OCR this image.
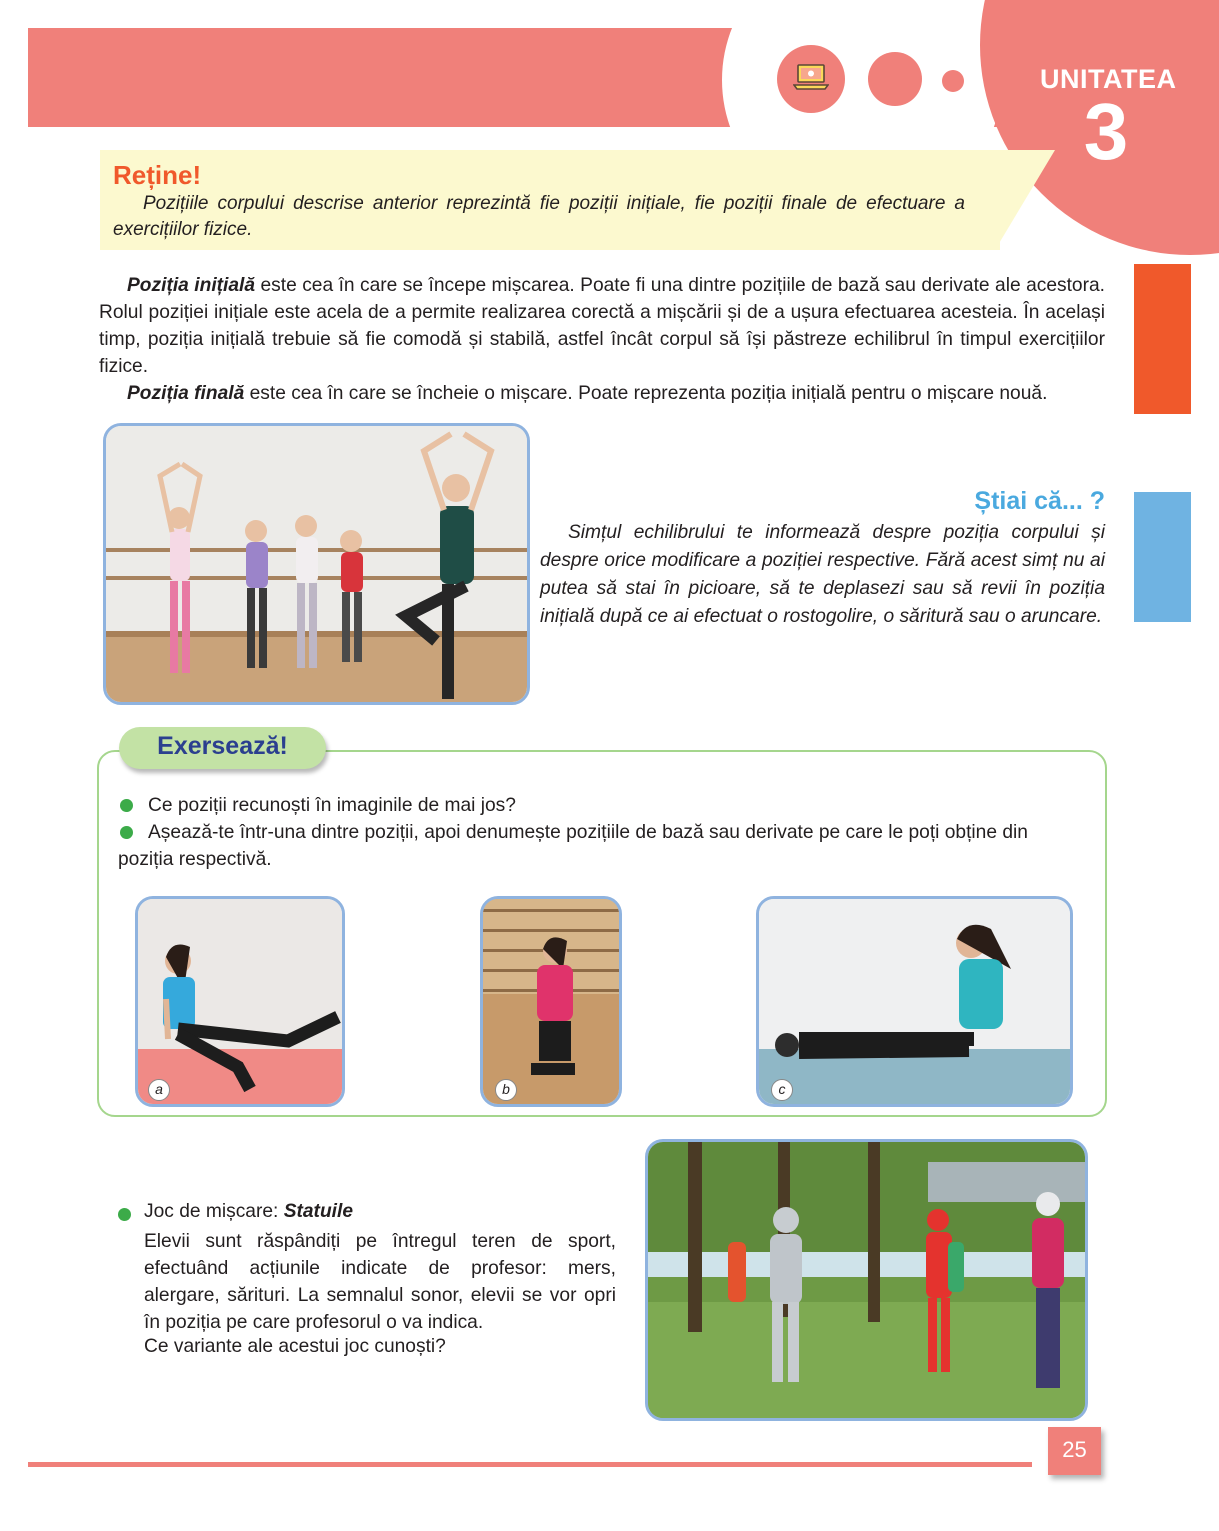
UNITATEA
3
Reține!
Pozițiile corpului descrise anterior reprezintă fie poziții inițiale, fie poziții finale de efectuare a exercițiilor fizice.

Poziția inițială este cea în care se începe mișcarea. Poate fi una dintre pozițiile de bază sau derivate ale acestora. Rolul poziției inițiale este acela de a permite realizarea corectă a mișcării și de a ușura efectuarea acesteia. În același timp, poziția inițială trebuie să fie comodă și stabilă, astfel încât corpul să își păstreze echilibrul în timpul exercițiilor fizice.

Poziția finală este cea în care se încheie o mișcare. Poate reprezenta poziția inițială pentru o mișcare nouă.

Știai că... ?
Simțul echilibrului te informează despre poziția corpului și despre orice modificare a poziției respective. Fără acest simț nu ai putea să stai în picioare, să te deplasezi sau să revii în poziția inițială după ce ai efectuat o rostogolire, o săritură sau o aruncare.
Exersează!
Ce poziții recunoști în imaginile de mai jos?
Așează-te într-una dintre poziții, apoi denumește pozițiile de bază sau derivate pe care le poți obține din
poziția respectivă.
a	b	c
Joc de mișcare: Statuile
Elevii sunt răspândiți pe întregul teren de sport, efectuând acțiunile indicate de profesor: mers, alergare, sărituri. La semnalul sonor, elevii se vor opri în poziția pe care profesorul o va indica.
Ce variante ale acestui joc cunoști?
25
